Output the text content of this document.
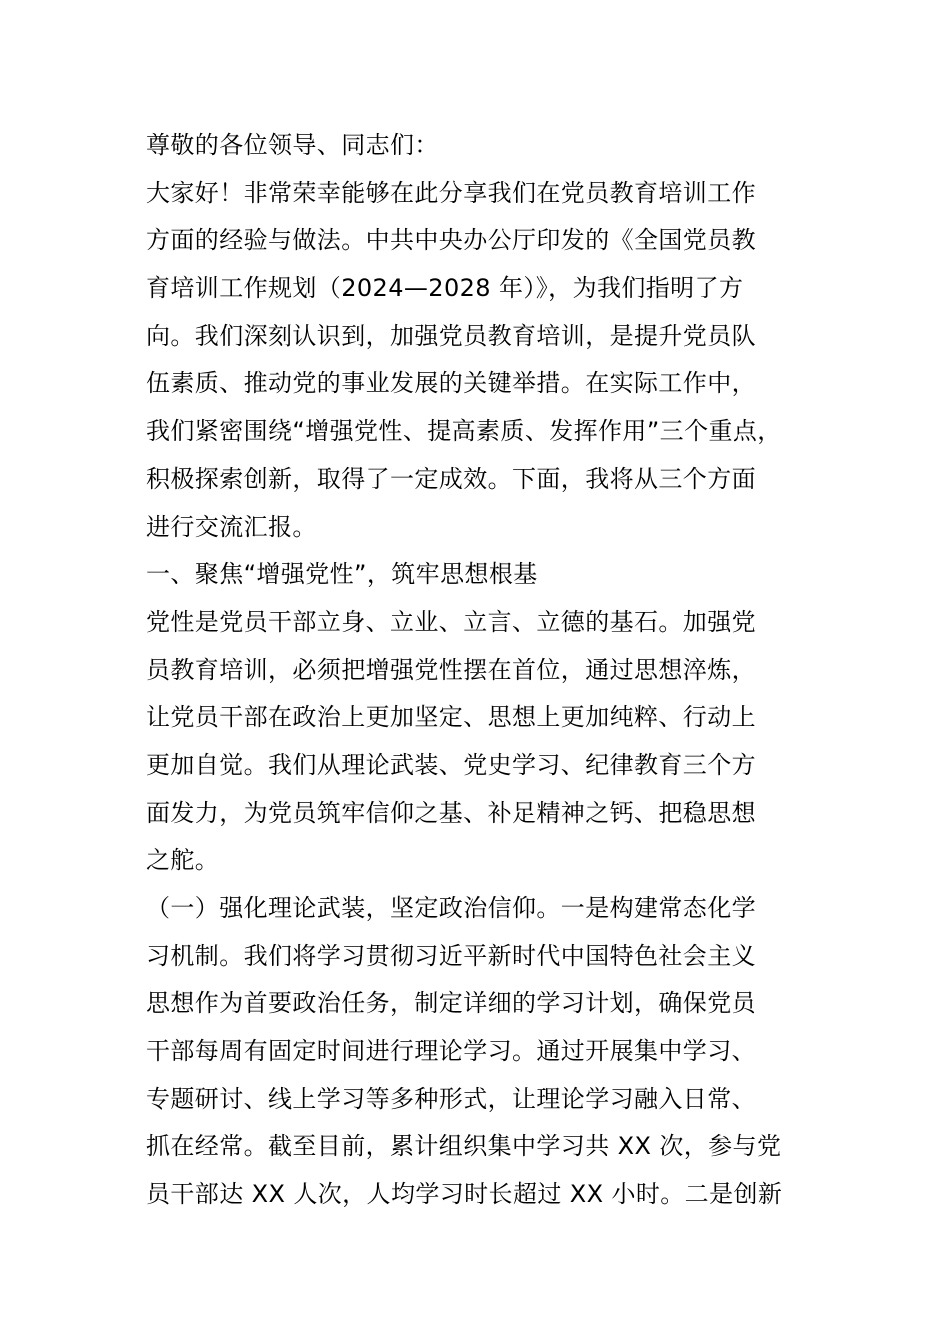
尊敬的各位领导、同志们：
大家好！非常荣幸能够在此分享我们在党员教育培训工作
方面的经验与做法。中共中央办公厅印发的《全国党员教
育培训工作规划（2024—2028 年）》，为我们指明了方
向。我们深刻认识到，加强党员教育培训，是提升党员队
伍素质、推动党的事业发展的关键举措。在实际工作中，
我们紧密围绕“增强党性、提高素质、发挥作用”三个重点，
积极探索创新，取得了一定成效。下面，我将从三个方面
进行交流汇报。
一、聚焦“增强党性”，筑牢思想根基
党性是党员干部立身、立业、立言、立德的基石。加强党
员教育培训，必须把增强党性摆在首位，通过思想淬炼，
让党员干部在政治上更加坚定、思想上更加纯粹、行动上
更加自觉。我们从理论武装、党史学习、纪律教育三个方
面发力，为党员筑牢信仰之基、补足精神之钙、把稳思想
之舵。
（一）强化理论武装，坚定政治信仰。一是构建常态化学
习机制。我们将学习贯彻习近平新时代中国特色社会主义
思想作为首要政治任务，制定详细的学习计划，确保党员
干部每周有固定时间进行理论学习。通过开展集中学习、
专题研讨、线上学习等多种形式，让理论学习融入日常、
抓在经常。截至目前，累计组织集中学习共 XX 次，参与党
员干部达 XX 人次，人均学习时长超过 XX 小时。二是创新
